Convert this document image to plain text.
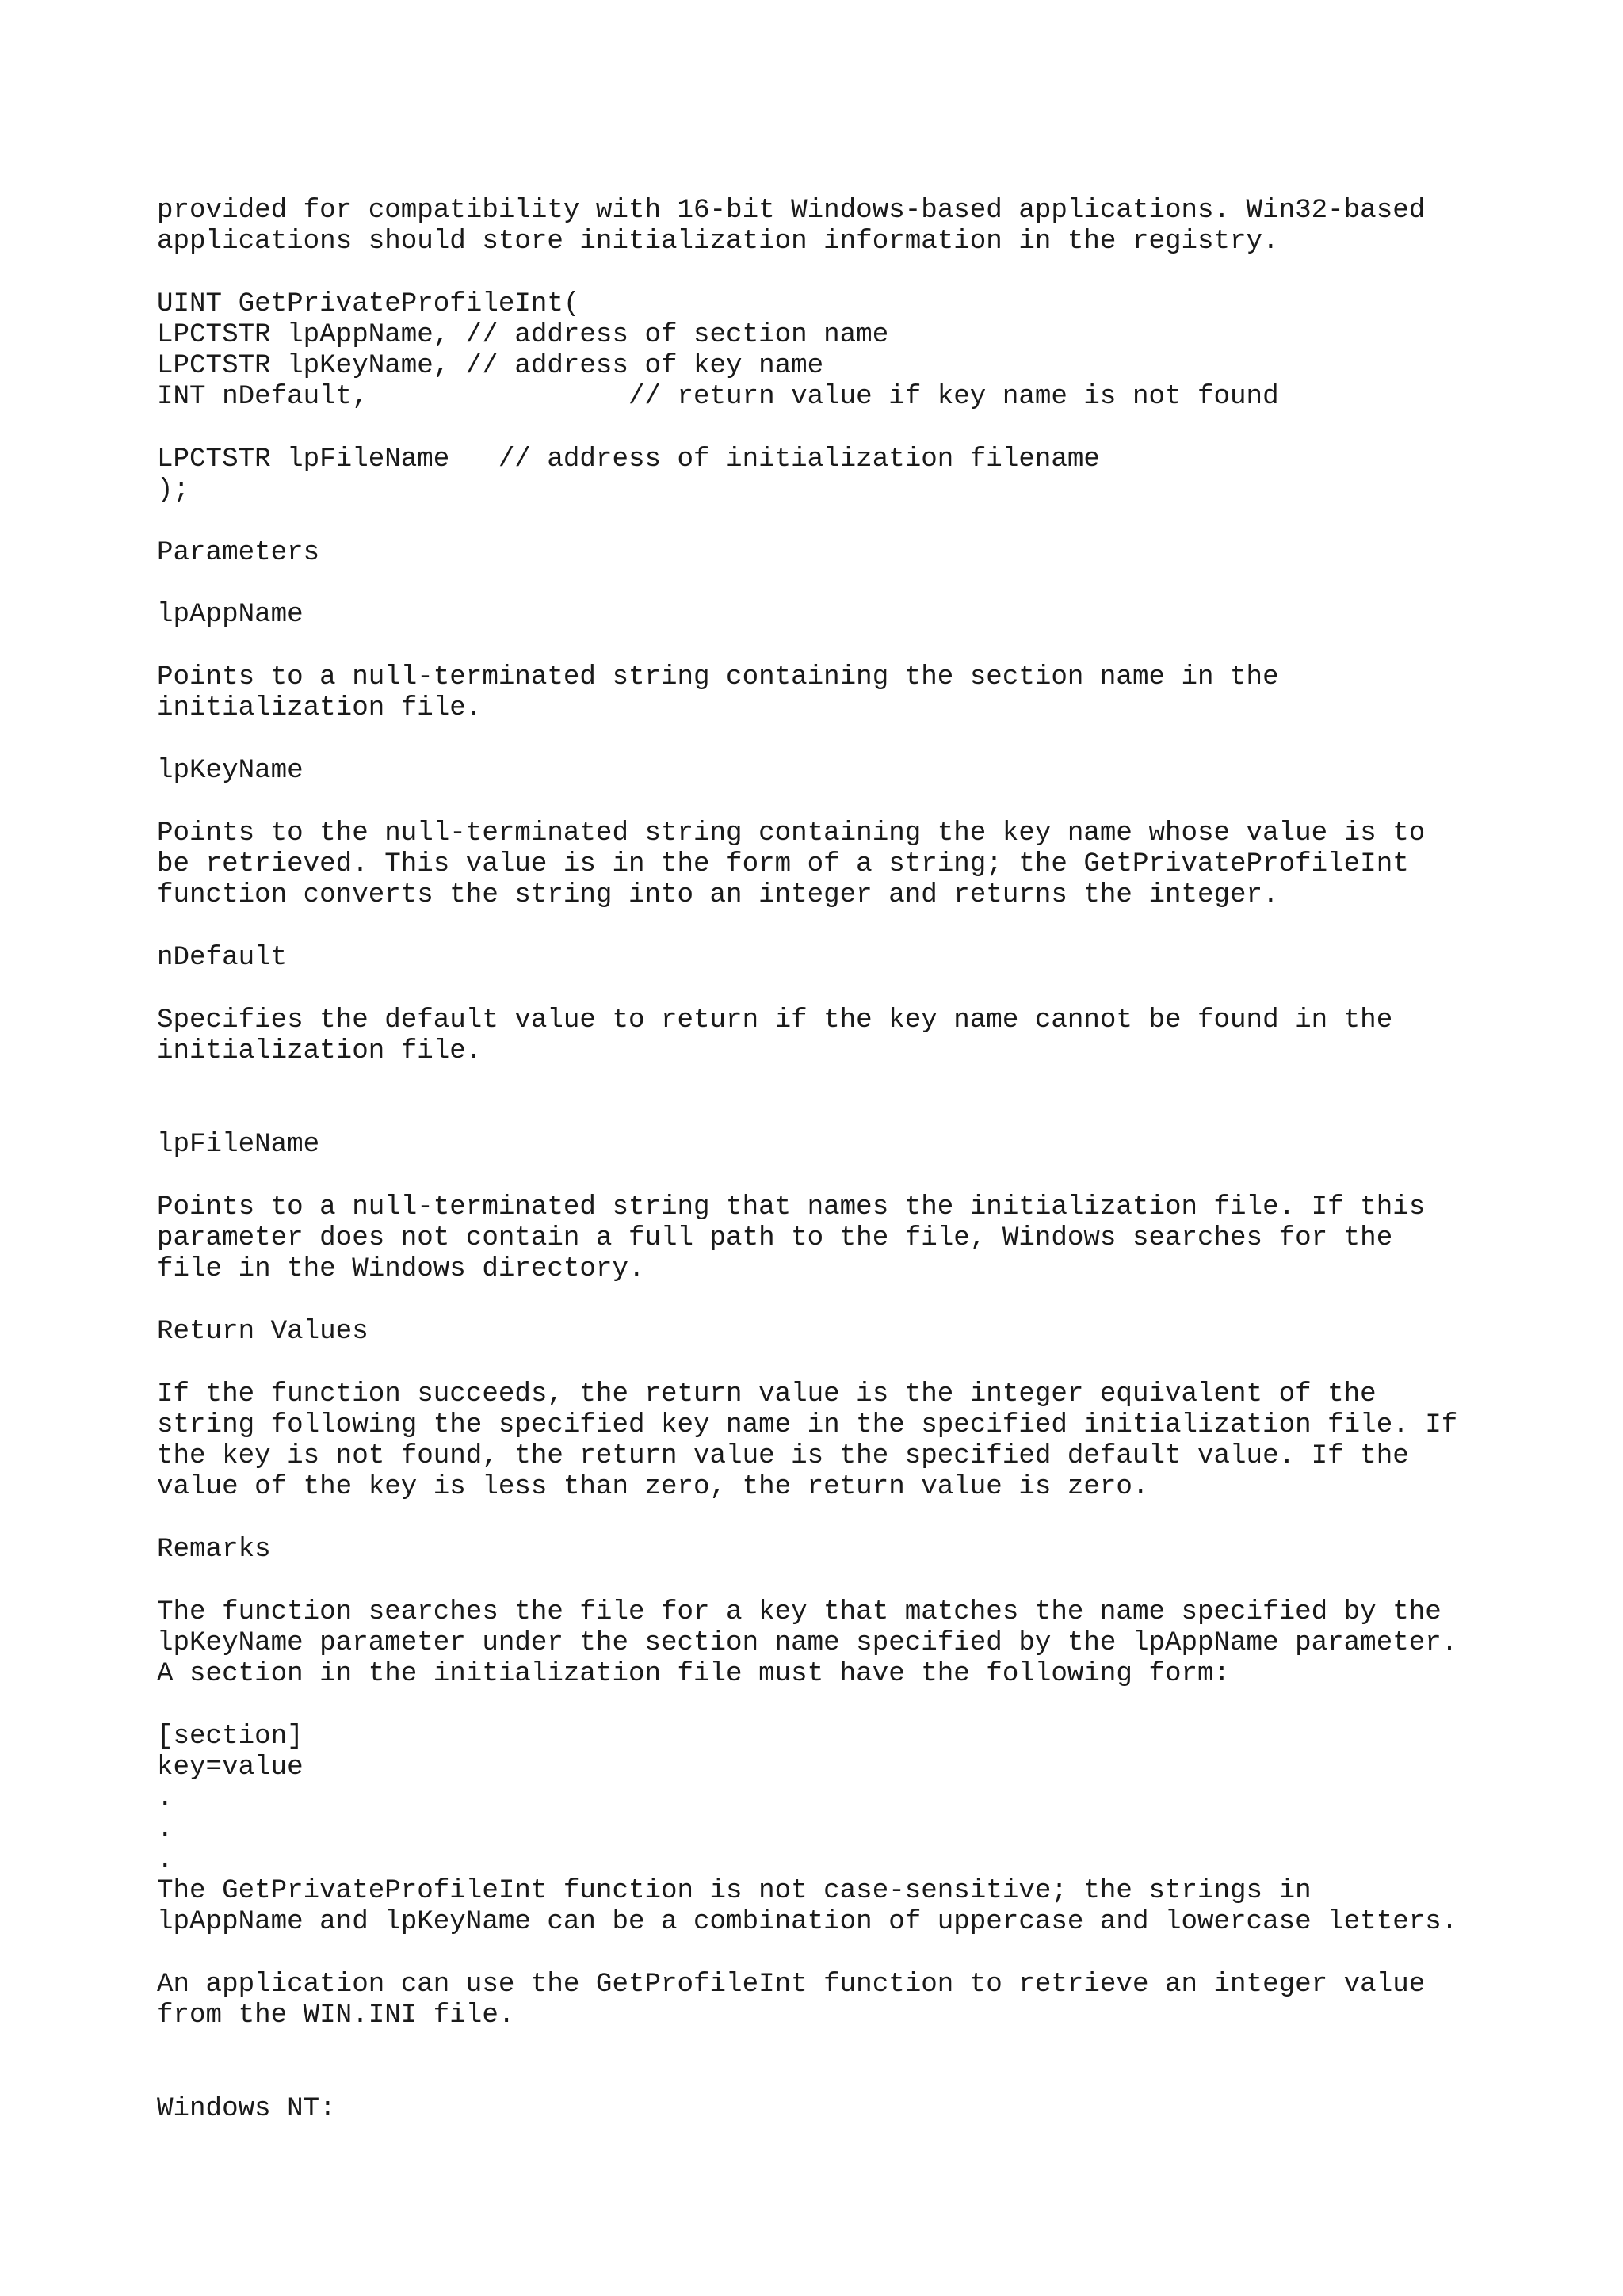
provided for compatibility with 16-bit Windows-based applications. Win32-based

applications should store initialization information in the registry.

UINT GetPrivateProfileInt(

LPCTSTR lpAppName, // address of section name

LPCTSTR lpKeyName, // address of key name

INT nDefault,                // return value if key name is not found

LPCTSTR lpFileName   // address of initialization filename

);

Parameters

lpAppName

Points to a null-terminated string containing the section name in the

initialization file.

lpKeyName

Points to the null-terminated string containing the key name whose value is to

be retrieved. This value is in the form of a string; the GetPrivateProfileInt

function converts the string into an integer and returns the integer.

nDefault

Specifies the default value to return if the key name cannot be found in the

initialization file.

lpFileName

Points to a null-terminated string that names the initialization file. If this

parameter does not contain a full path to the file, Windows searches for the

file in the Windows directory.

Return Values

If the function succeeds, the return value is the integer equivalent of the

string following the specified key name in the specified initialization file. If

the key is not found, the return value is the specified default value. If the

value of the key is less than zero, the return value is zero.

Remarks

The function searches the file for a key that matches the name specified by the

lpKeyName parameter under the section name specified by the lpAppName parameter.

A section in the initialization file must have the following form:

[section]

key=value

.

.

.

The GetPrivateProfileInt function is not case-sensitive; the strings in

lpAppName and lpKeyName can be a combination of uppercase and lowercase letters.

An application can use the GetProfileInt function to retrieve an integer value

from the WIN.INI file.

Windows NT:
